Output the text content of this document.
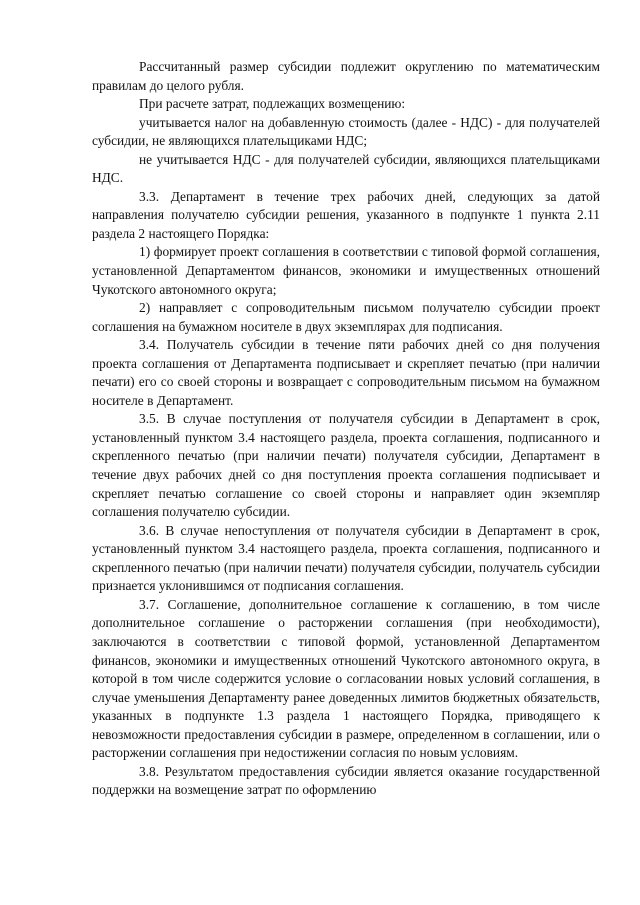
Рассчитанный размер субсидии подлежит округлению по математическим правилам до целого рубля.

При расчете затрат, подлежащих возмещению:

учитывается налог на добавленную стоимость (далее - НДС) - для получателей субсидии, не являющихся плательщиками НДС;

не учитывается НДС - для получателей субсидии, являющихся плательщиками НДС.

3.3. Департамент в течение трех рабочих дней, следующих за датой направления получателю субсидии решения, указанного в подпункте 1 пункта 2.11 раздела 2 настоящего Порядка:

1) формирует проект соглашения в соответствии с типовой формой соглашения, установленной Департаментом финансов, экономики и имущественных отношений Чукотского автономного округа;

2) направляет с сопроводительным письмом получателю субсидии проект соглашения на бумажном носителе в двух экземплярах для подписания.

3.4. Получатель субсидии в течение пяти рабочих дней со дня получения проекта соглашения от Департамента подписывает и скрепляет печатью (при наличии печати) его со своей стороны и возвращает с сопроводительным письмом на бумажном носителе в Департамент.

3.5. В случае поступления от получателя субсидии в Департамент в срок, установленный пунктом 3.4 настоящего раздела, проекта соглашения, подписанного и скрепленного печатью (при наличии печати) получателя субсидии, Департамент в течение двух рабочих дней со дня поступления проекта соглашения подписывает и скрепляет печатью соглашение со своей стороны и направляет один экземпляр соглашения получателю субсидии.

3.6. В случае непоступления от получателя субсидии в Департамент в срок, установленный пунктом 3.4 настоящего раздела, проекта соглашения, подписанного и скрепленного печатью (при наличии печати) получателя субсидии, получатель субсидии признается уклонившимся от подписания соглашения.

3.7. Соглашение, дополнительное соглашение к соглашению, в том числе дополнительное соглашение о расторжении соглашения (при необходимости), заключаются в соответствии с типовой формой, установленной Департаментом финансов, экономики и имущественных отношений Чукотского автономного округа, в которой в том числе содержится условие о согласовании новых условий соглашения, в случае уменьшения Департаменту ранее доведенных лимитов бюджетных обязательств, указанных в подпункте 1.3 раздела 1 настоящего Порядка, приводящего к невозможности предоставления субсидии в размере, определенном в соглашении, или о расторжении соглашения при недостижении согласия по новым условиям.

3.8. Результатом предоставления субсидии является оказание государственной поддержки на возмещение затрат по оформлению
